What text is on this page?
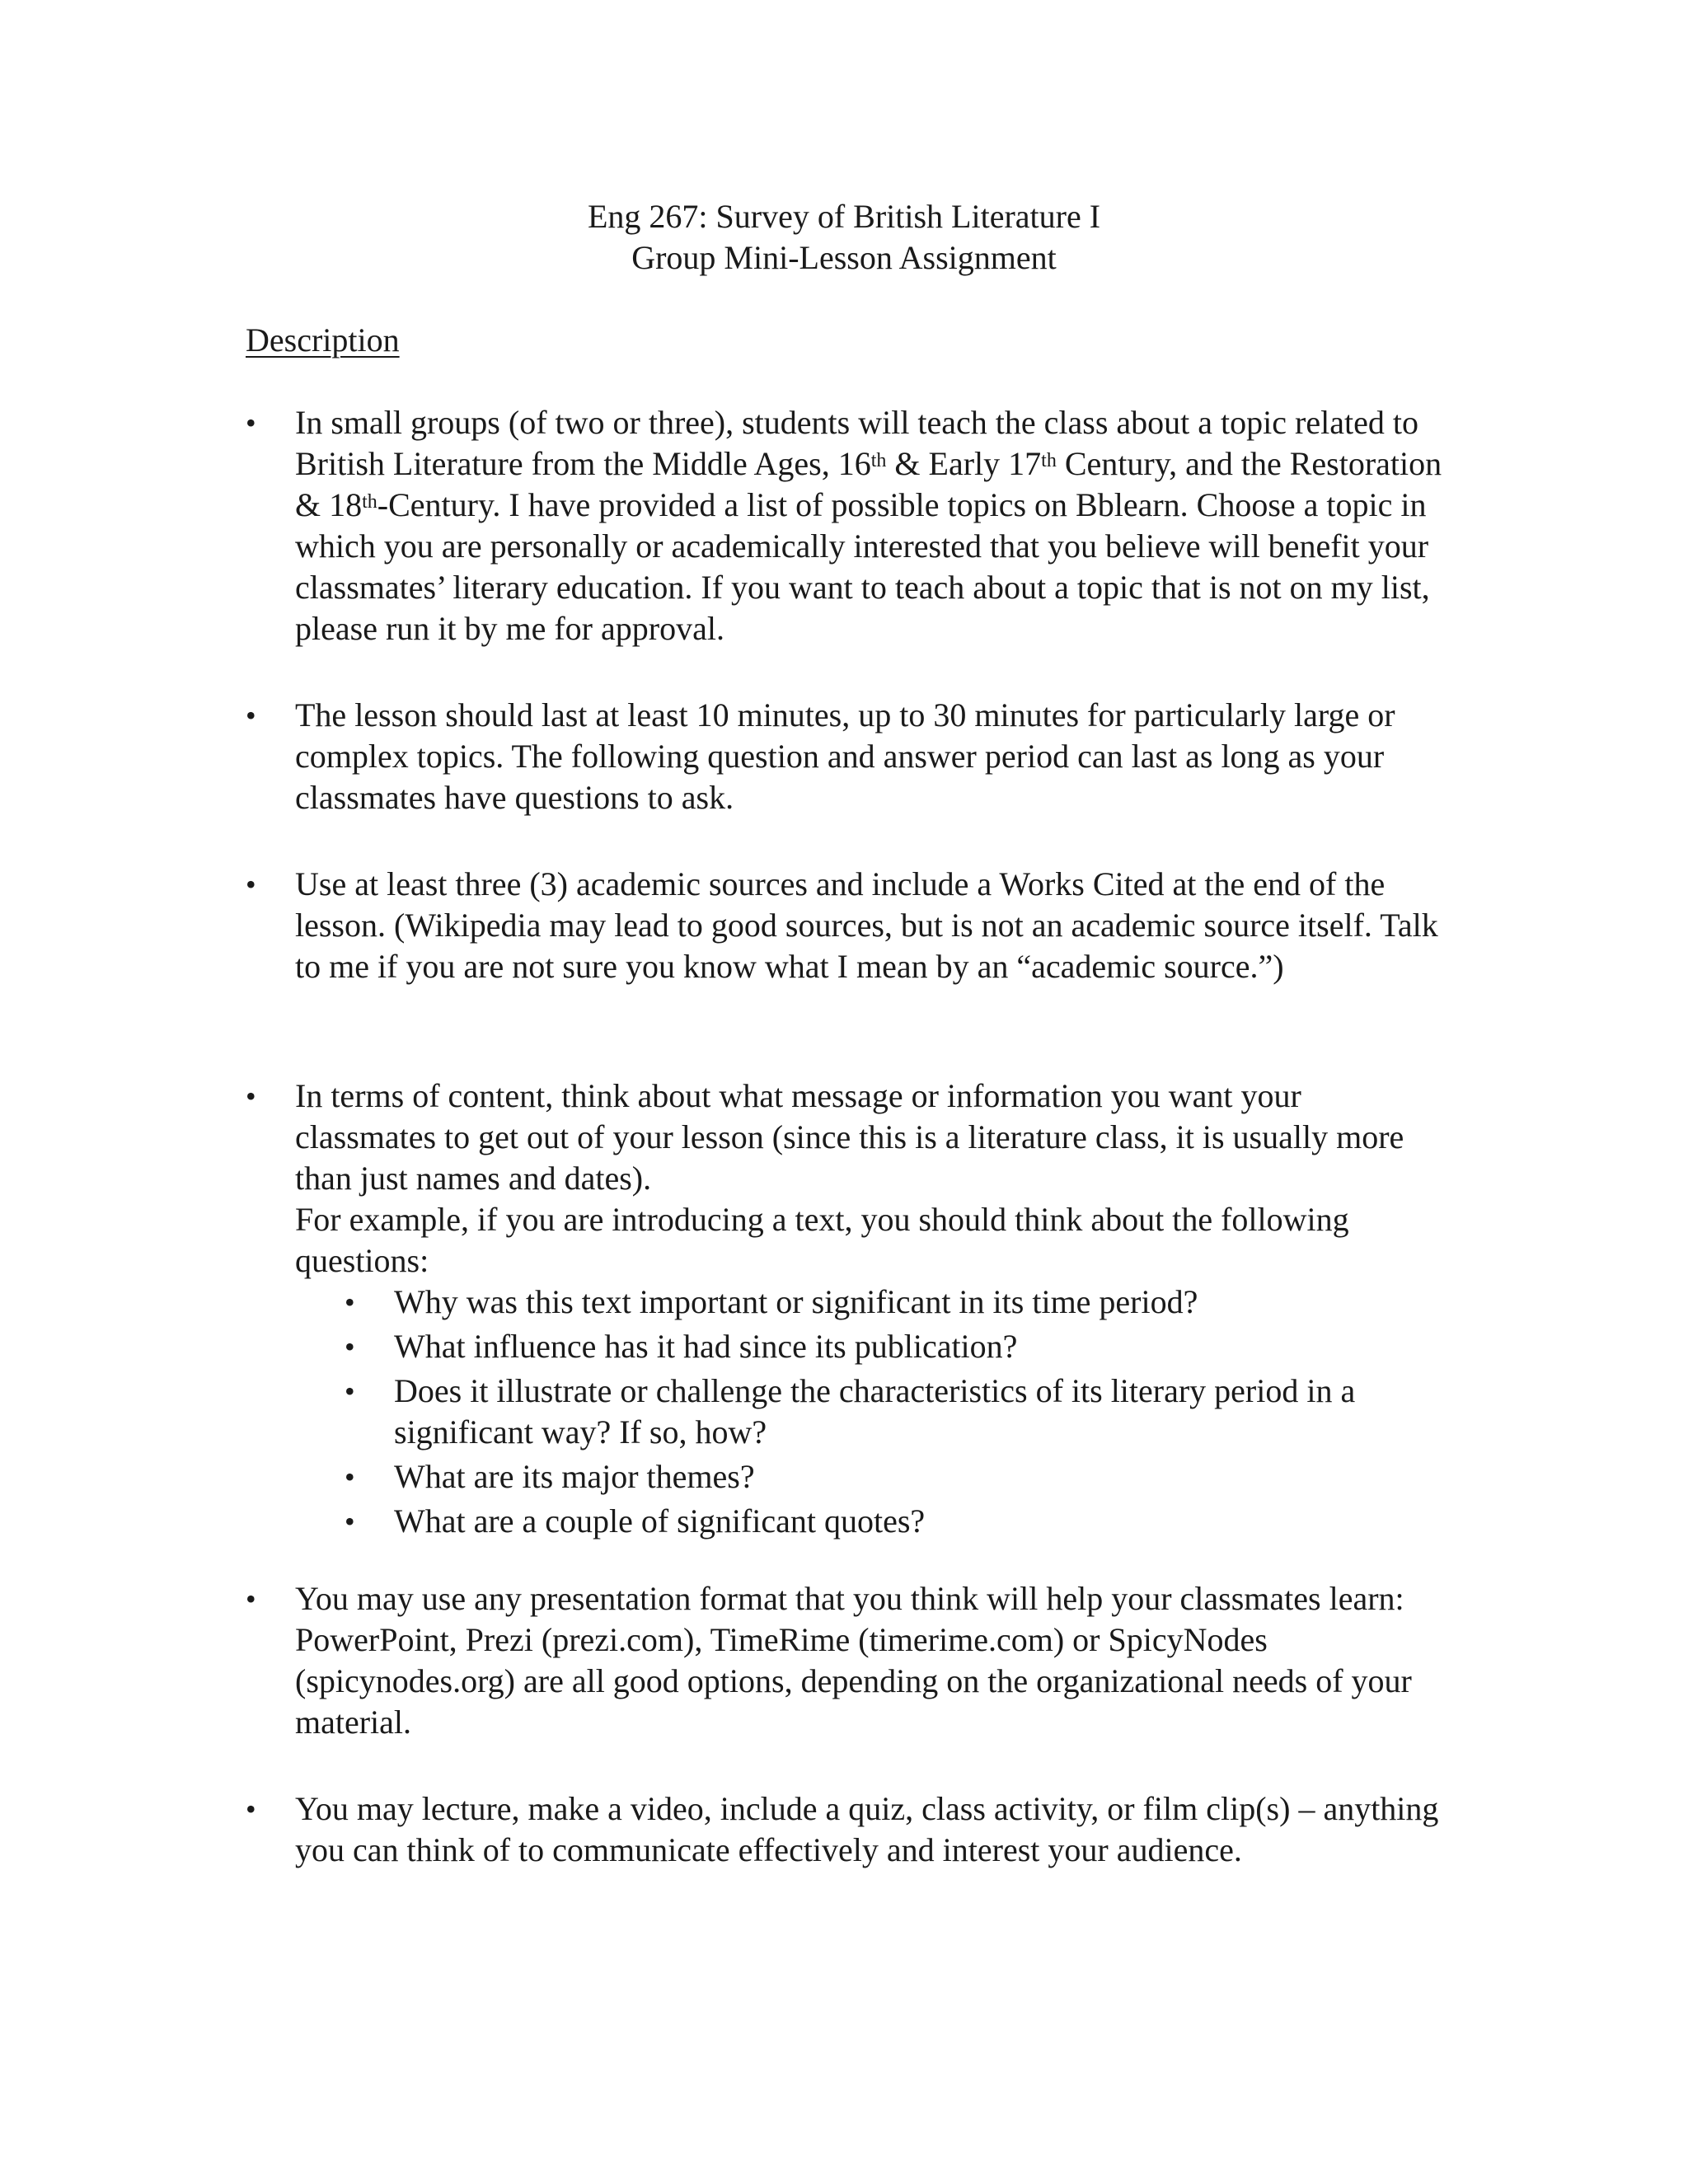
Eng 267: Survey of British Literature I
Group Mini-Lesson Assignment
Description
•	In small groups (of two or three), students will teach the class about a topic related to British Literature from the Middle Ages, 16th & Early 17th Century, and the Restoration & 18th-Century. I have provided a list of possible topics on Bblearn. Choose a topic in which you are personally or academically interested that you believe will benefit your classmates’ literary education. If you want to teach about a topic that is not on my list, please run it by me for approval.
•	The lesson should last at least 10 minutes, up to 30 minutes for particularly large or complex topics. The following question and answer period can last as long as your classmates have questions to ask.
•	Use at least three (3) academic sources and include a Works Cited at the end of the lesson. (Wikipedia may lead to good sources, but is not an academic source itself. Talk to me if you are not sure you know what I mean by an “academic source.”)
•	In terms of content, think about what message or information you want your classmates to get out of your lesson (since this is a literature class, it is usually more than just names and dates).
For example, if you are introducing a text, you should think about the following questions:
• Why was this text important or significant in its time period?
• What influence has it had since its publication?
• Does it illustrate or challenge the characteristics of its literary period in a significant way? If so, how?
• What are its major themes?
• What are a couple of significant quotes?
•	You may use any presentation format that you think will help your classmates learn: PowerPoint, Prezi (prezi.com), TimeRime (timerime.com) or SpicyNodes (spicynodes.org) are all good options, depending on the organizational needs of your material.
•	You may lecture, make a video, include a quiz, class activity, or film clip(s) – anything you can think of to communicate effectively and interest your audience.
